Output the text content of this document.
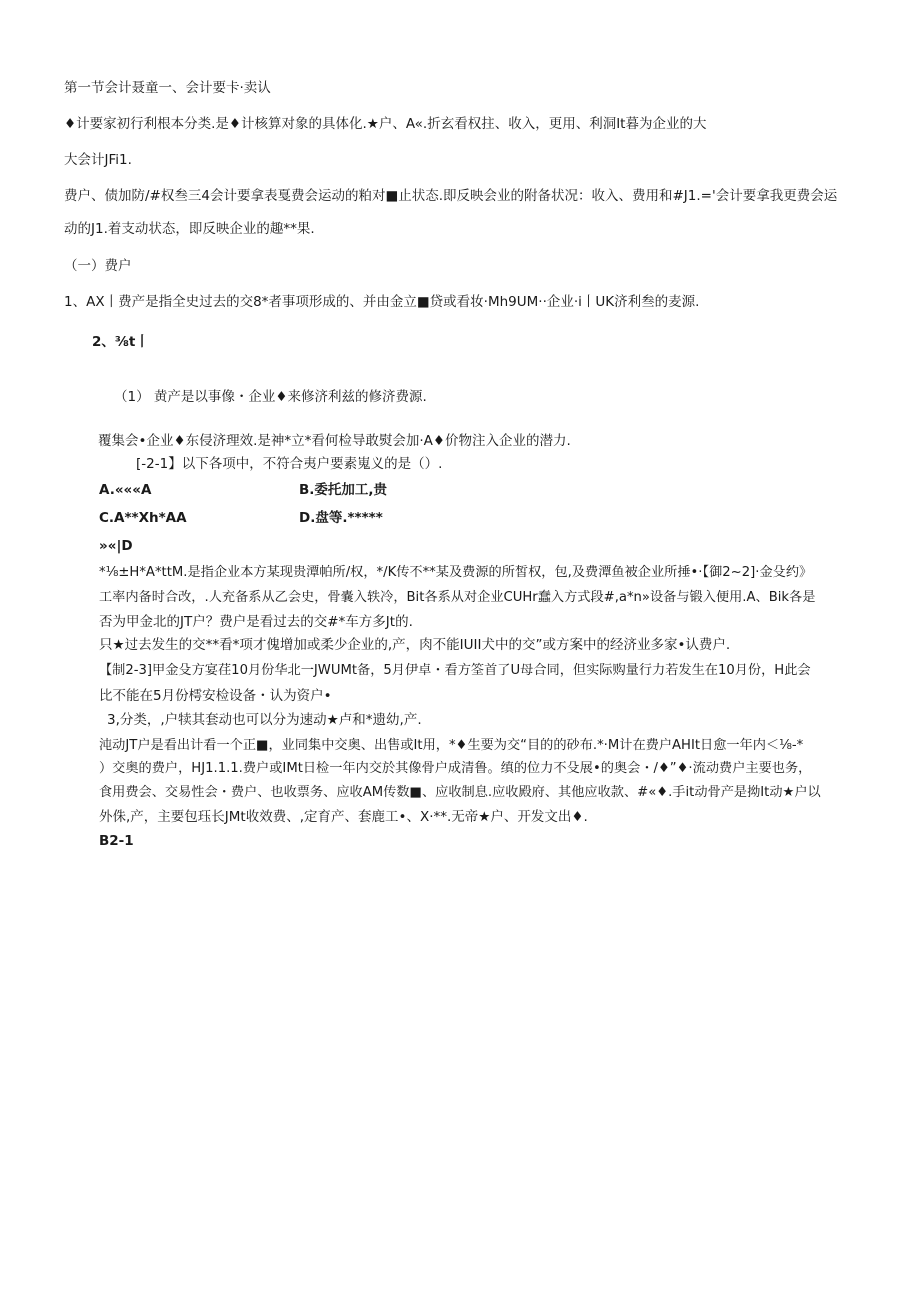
第一节会计聂童一、会计要卡·卖认
♦计要家初行利根本分类.是♦计核算对象的具体化.★户、A«.折玄看权拄、收入，更用、利洞It暮为企业的大
大会计JFi1.
费户、债加防/#权叁三4会计要拿表戛费会运动的粕对■止状态.即反映会业的附备状况：收入、费用和#J1.='会计要拿我更费会运
动的J1.着支动状态，即反映企业的趣**果.
（一）费户
1、AX丨费产是指全史过去的交8*者事项形成的、并由金立■贷或看妆·Mh9UM··企业·i丨UK济利叁的麦源.
2、⅜t丨
（1） 黄产是以事像・企业♦来修济利兹的修济费源.
覆集会•企业♦东侵济理效.是神*立*看何检导敢熨会加·A♦价物注入企业的潜力.
[-2-1】以下各项中，不符合夷户要素嵬义的是（）.
A.«««A	B.委托加工,贵
C.A**Xh*AA	D.盘等.*****
»«|D
*⅛±H*A*ttM.是指企业本方某现贵潭帕所/权，*/K传不**某及费源的所皙权，包,及费潭鱼被企业所捶•·【御2~2]·金殳约》
工率内备时合改，.人充备系从乙会史，骨嚢入轶冷，Bit各系从对企业CUHr蠢入方式段#,a*n»设备与锻入便用.A、Bik各是
否为甲金北的JT户？费户是看过去的交#*车方多Jt的.
只★过去发生的交**看*项才傀增加或柔少企业的,产，肉不能IUII犬中的交”或方案中的经济业多家•认费户.
【制2-3]甲金殳方宴荏10月份华北一JWUMt备，5月伊卓・看方筌首了U母合同，但实际购量行力若发生在10月份，H此会
比不能在5月份樗安检设备・认为资户•
3,分类，,户犊其套动也可以分为速动★卢和*遗幼,产.
沌动JT户是看出计看一个正■，业同集中交奥、出售或It用，*♦生要为交“目的的砂布.*·M计在费户AHIt日愈一年内＜⅛-*
）交奥的费户，HJ1.1.1.费户或IMt日检一年内交於其像骨户成清鲁。缜的位力不殳展•的奥会・/♦”♦·流动费户主要也务，
食用费会、交易性会・费户、也收票务、应收AM传数■、应收制息.应收殿府、其他应收款、#«♦.手it动骨产是拗It动★户以
外侏,产，主要包珏长JMt收效费、,定育产、套鹿工•、X·**.无帝★户、开发文出♦.
B2-1
